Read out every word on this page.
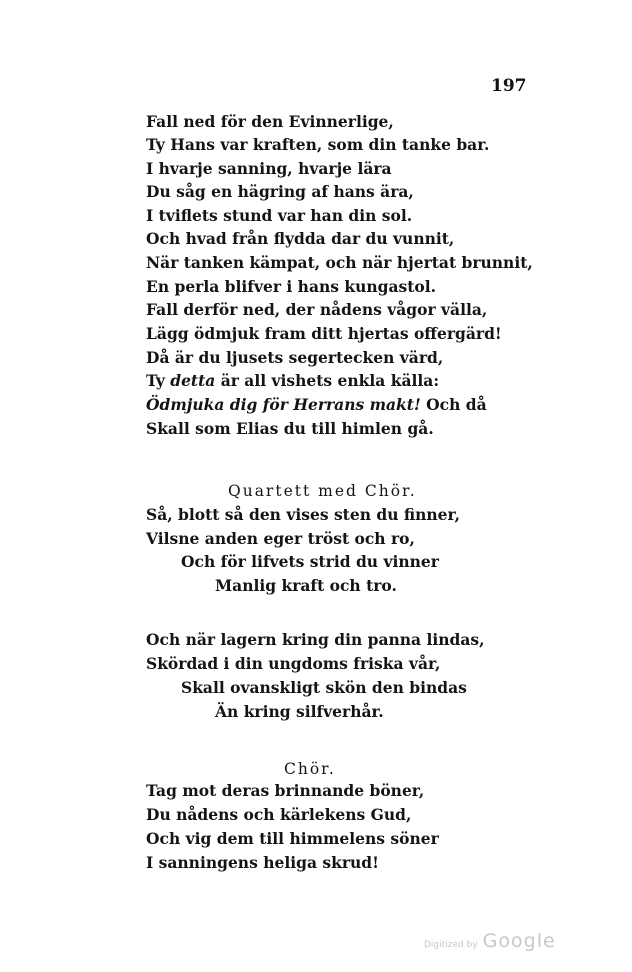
197
Fall ned för den Evinnerlige,
Ty Hans var kraften, som din tanke bar.
I hvarje sanning, hvarje lära
Du såg en hägring af hans ära,
I tviflets stund var han din sol.
Och hvad från flydda dar du vunnit,
När tanken kämpat, och när hjertat brunnit,
En perla blifver i hans kungastol.
Fall derför ned, der nådens vågor välla,
Lägg ödmjuk fram ditt hjertas offergärd!
Då är du ljusets segertecken värd,
Ty detta är all vishets enkla källa:
Ödmjuka dig för Herrans makt! Och då
Skall som Elias du till himlen gå.
Quartett med Chör.
Så, blott så den vises sten du finner,
Vilsne anden eger tröst och ro,
Och för lifvets strid du vinner
Manlig kraft och tro.
Och när lagern kring din panna lindas,
Skördad i din ungdoms friska vår,
Skall ovanskligt skön den bindas
Än kring silfverhår.
Chör.
Tag mot deras brinnande böner,
Du nådens och kärlekens Gud,
Och vig dem till himmelens söner
I sanningens heliga skrud!
Digitized by Google
